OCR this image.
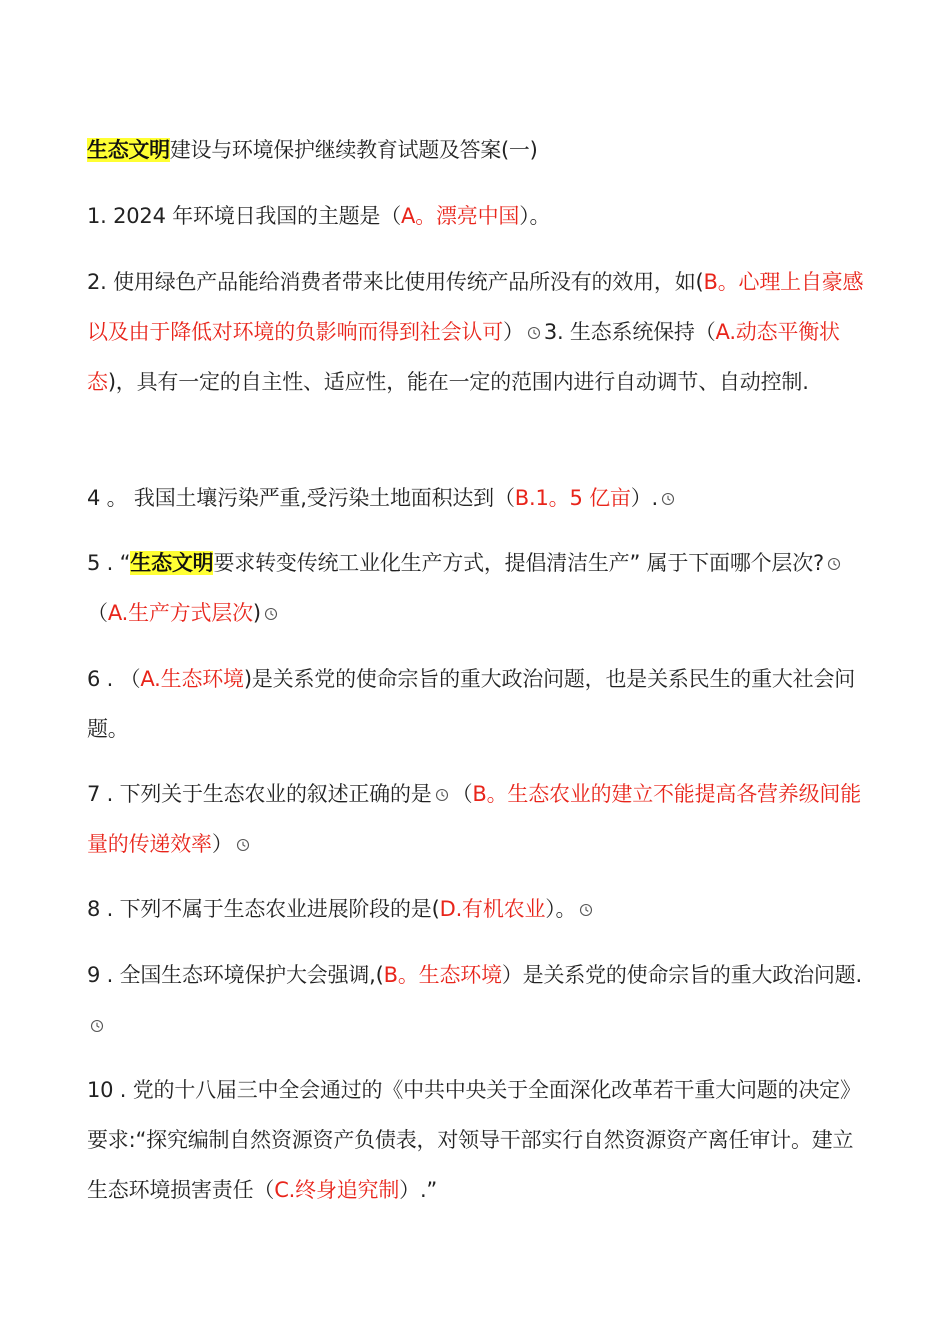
生态文明建设与环境保护继续教育试题及答案(一)
1. 2024 年环境日我国的主题是（A。漂亮中国）。
2. 使用绿色产品能给消费者带来比使用传统产品所没有的效用，如(B。心理上自豪感以及由于降低对环境的负影响而得到社会认可） 3. 生态系统保持（A.动态平衡状态)，具有一定的自主性、适应性，能在一定的范围内进行自动调节、自动控制.
4 。 我国土壤污染严重,受污染土地面积达到（B.1。5 亿亩）.
5 . “生态文明要求转变传统工业化生产方式，提倡清洁生产” 属于下面哪个层次?
（A.生产方式层次)
6 . （A.生态环境)是关系党的使命宗旨的重大政治问题，也是关系民生的重大社会问题。
7 . 下列关于生态农业的叙述正确的是 （B。生态农业的建立不能提高各营养级间能量的传递效率）
8 . 下列不属于生态农业进展阶段的是(D.有机农业）。
9 . 全国生态环境保护大会强调,(B。生态环境）是关系党的使命宗旨的重大政治问题.
10 . 党的十八届三中全会通过的《中共中央关于全面深化改革若干重大问题的决定》要求:“探究编制自然资源资产负债表，对领导干部实行自然资源资产离任审计。建立生态环境损害责任（C.终身追究制）.”
